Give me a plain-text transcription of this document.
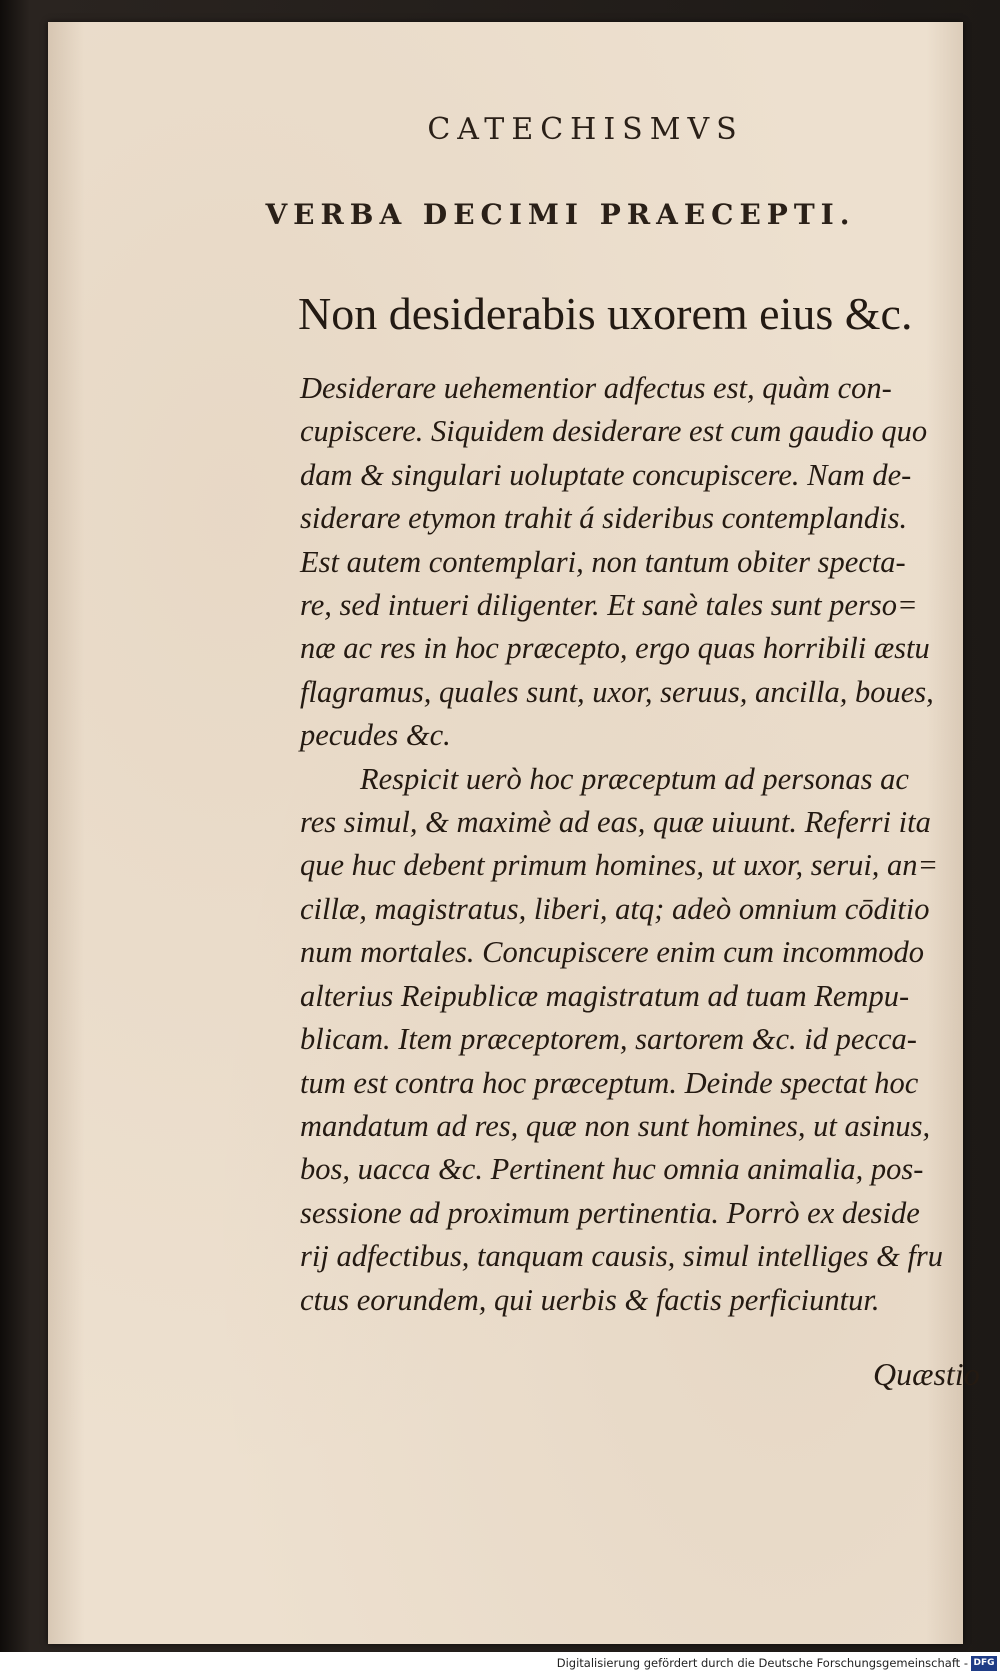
CATECHISMVS
VERBA DECIMI PRAECEPTI.
Non desiderabis uxorem eius &c.
Desiderare uehementior adfectus est, quàm con-
cupiscere. Siquidem desiderare est cum gaudio quo
dam & singulari uoluptate concupiscere. Nam de-
siderare etymon trahit á sideribus contemplandis.
Est autem contemplari, non tantum obiter specta-
re, sed intueri diligenter. Et sanè tales sunt perso=
næ ac res in hoc præcepto, ergo quas horribili æstu
flagramus, quales sunt, uxor, seruus, ancilla, boues,
pecudes &c.
Respicit uerò hoc præceptum ad personas ac
res simul, & maximè ad eas, quæ uiuunt. Referri ita
que huc debent primum homines, ut uxor, serui, an=
cillæ, magistratus, liberi, atq; adeò omnium cōditio
num mortales. Concupiscere enim cum incommodo
alterius Reipublicæ magistratum ad tuam Rempu-
blicam. Item præceptorem, sartorem &c. id pecca-
tum est contra hoc præceptum. Deinde spectat hoc
mandatum ad res, quæ non sunt homines, ut asinus,
bos, uacca &c. Pertinent huc omnia animalia, pos-
sessione ad proximum pertinentia. Porrò ex deside
rij adfectibus, tanquam causis, simul intelliges & fru
ctus eorundem, qui uerbis & factis perficiuntur.
Quæstio
Digitalisierung gefördert durch die Deutsche Forschungsgemeinschaft - DFG
